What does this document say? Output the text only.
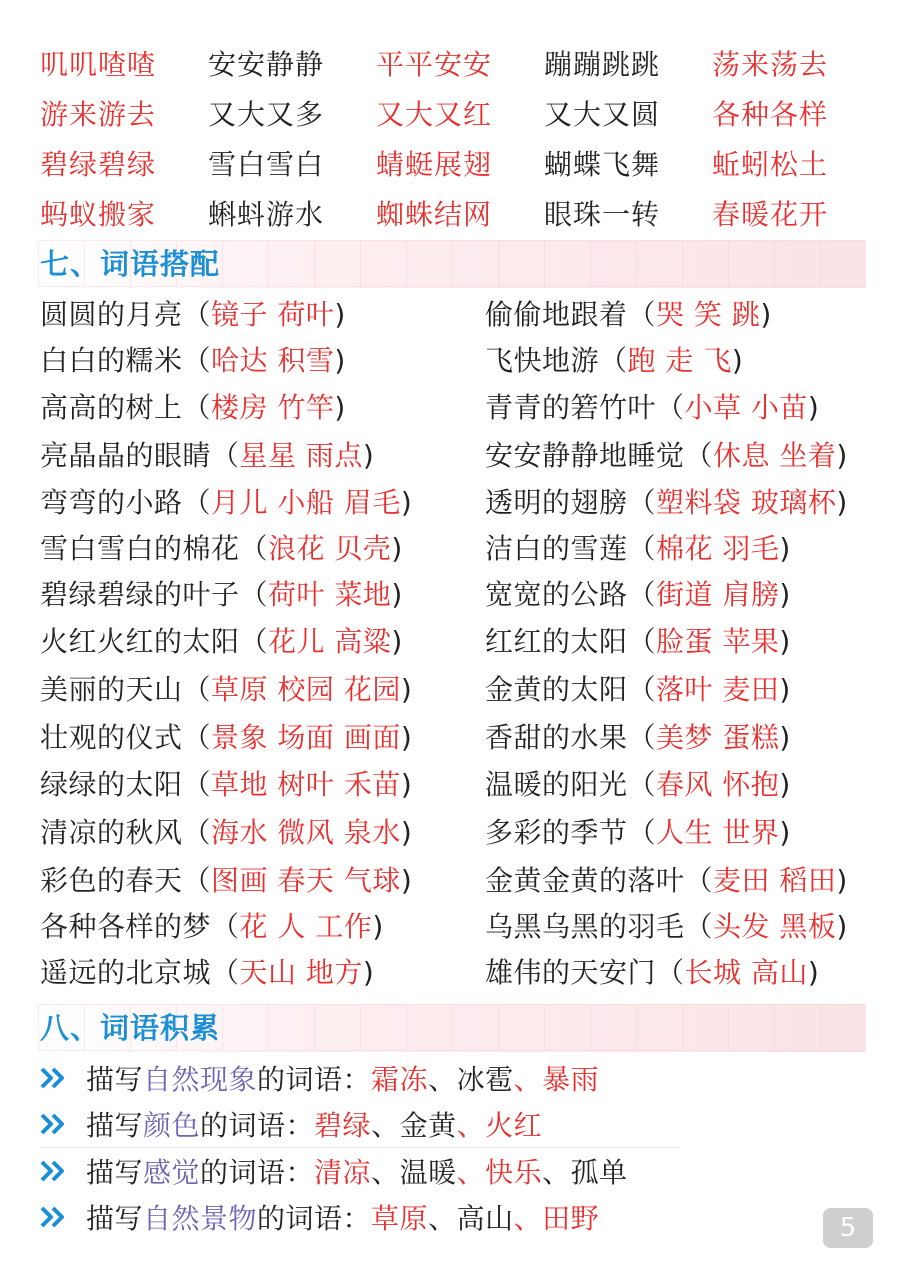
叽叽喳喳	安安静静	平平安安	蹦蹦跳跳	荡来荡去
游来游去	又大又多	又大又红	又大又圆	各种各样
碧绿碧绿	雪白雪白	蜻蜓展翅	蝴蝶飞舞	蚯蚓松土
蚂蚁搬家	蝌蚪游水	蜘蛛结网	眼珠一转	春暖花开
七、词语搭配
圆圆的月亮（镜子 荷叶)	偷偷地跟着（哭 笑 跳)
白白的糯米（哈达 积雪)	飞快地游（跑 走 飞)
高高的树上（楼房 竹竿)	青青的箬竹叶（小草 小苗)
亮晶晶的眼睛（星星 雨点)	安安静静地睡觉（休息 坐着)
弯弯的小路（月儿 小船 眉毛)	透明的翅膀（塑料袋 玻璃杯)
雪白雪白的棉花（浪花 贝壳)	洁白的雪莲（棉花 羽毛)
碧绿碧绿的叶子（荷叶 菜地)	宽宽的公路（街道 肩膀)
火红火红的太阳（花儿 高粱)	红红的太阳（脸蛋 苹果)
美丽的天山（草原 校园 花园)	金黄的太阳（落叶 麦田)
壮观的仪式（景象 场面 画面)	香甜的水果（美梦 蛋糕)
绿绿的太阳（草地 树叶 禾苗)	温暖的阳光（春风 怀抱)
清凉的秋风（海水 微风 泉水)	多彩的季节（人生 世界)
彩色的春天（图画 春天 气球)	金黄金黄的落叶（麦田 稻田)
各种各样的梦（花 人 工作)	乌黑乌黑的羽毛（头发 黑板)
遥远的北京城（天山 地方)	雄伟的天安门（长城 高山)
八、词语积累
描写 自然现象 的词语： 霜冻 、冰雹 、暴雨
描写 颜色 的词语： 碧绿 、金黄 、火红
描写 感觉 的词语： 清凉 、温暖 、快乐 、孤单
描写 自然景物 的词语： 草原 、高山 、田野	5
